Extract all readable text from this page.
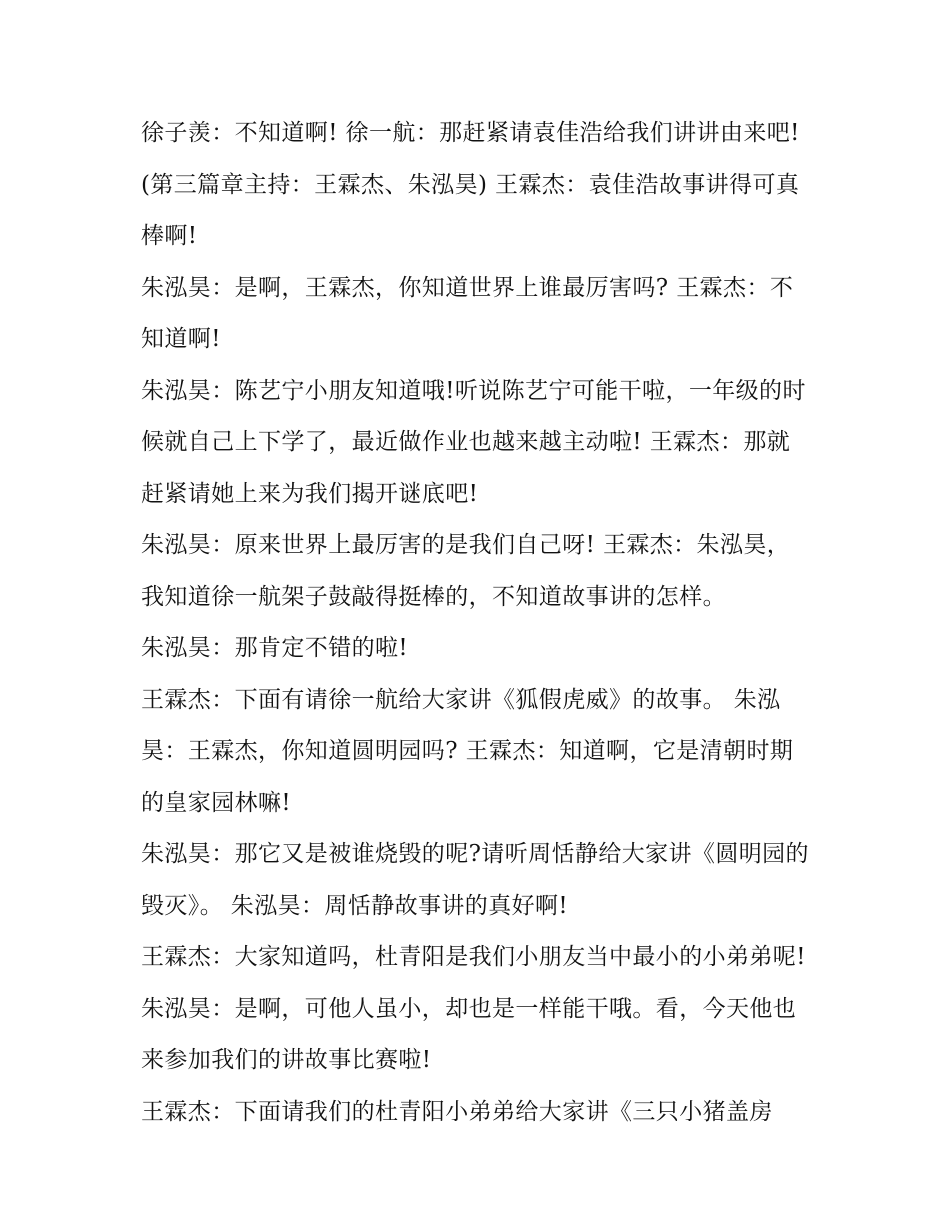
徐子羡：不知道啊! 徐一航：那赶紧请袁佳浩给我们讲讲由来吧! (第三篇章主持：王霖杰、朱泓昊) 王霖杰：袁佳浩故事讲得可真棒啊!

朱泓昊：是啊，王霖杰，你知道世界上谁最厉害吗? 王霖杰：不知道啊!

朱泓昊：陈艺宁小朋友知道哦!听说陈艺宁可能干啦，一年级的时候就自己上下学了，最近做作业也越来越主动啦! 王霖杰：那就赶紧请她上来为我们揭开谜底吧!

朱泓昊：原来世界上最厉害的是我们自己呀! 王霖杰：朱泓昊，我知道徐一航架子鼓敲得挺棒的，不知道故事讲的怎样。

朱泓昊：那肯定不错的啦!

王霖杰：下面有请徐一航给大家讲《狐假虎威》的故事。 朱泓昊：王霖杰，你知道圆明园吗? 王霖杰：知道啊，它是清朝时期的皇家园林嘛!

朱泓昊：那它又是被谁烧毁的呢?请听周恬静给大家讲《圆明园的毁灭》。 朱泓昊：周恬静故事讲的真好啊!

王霖杰：大家知道吗，杜青阳是我们小朋友当中最小的小弟弟呢! 朱泓昊：是啊，可他人虽小，却也是一样能干哦。看，今天他也来参加我们的讲故事比赛啦!

王霖杰：下面请我们的杜青阳小弟弟给大家讲《三只小猪盖房
